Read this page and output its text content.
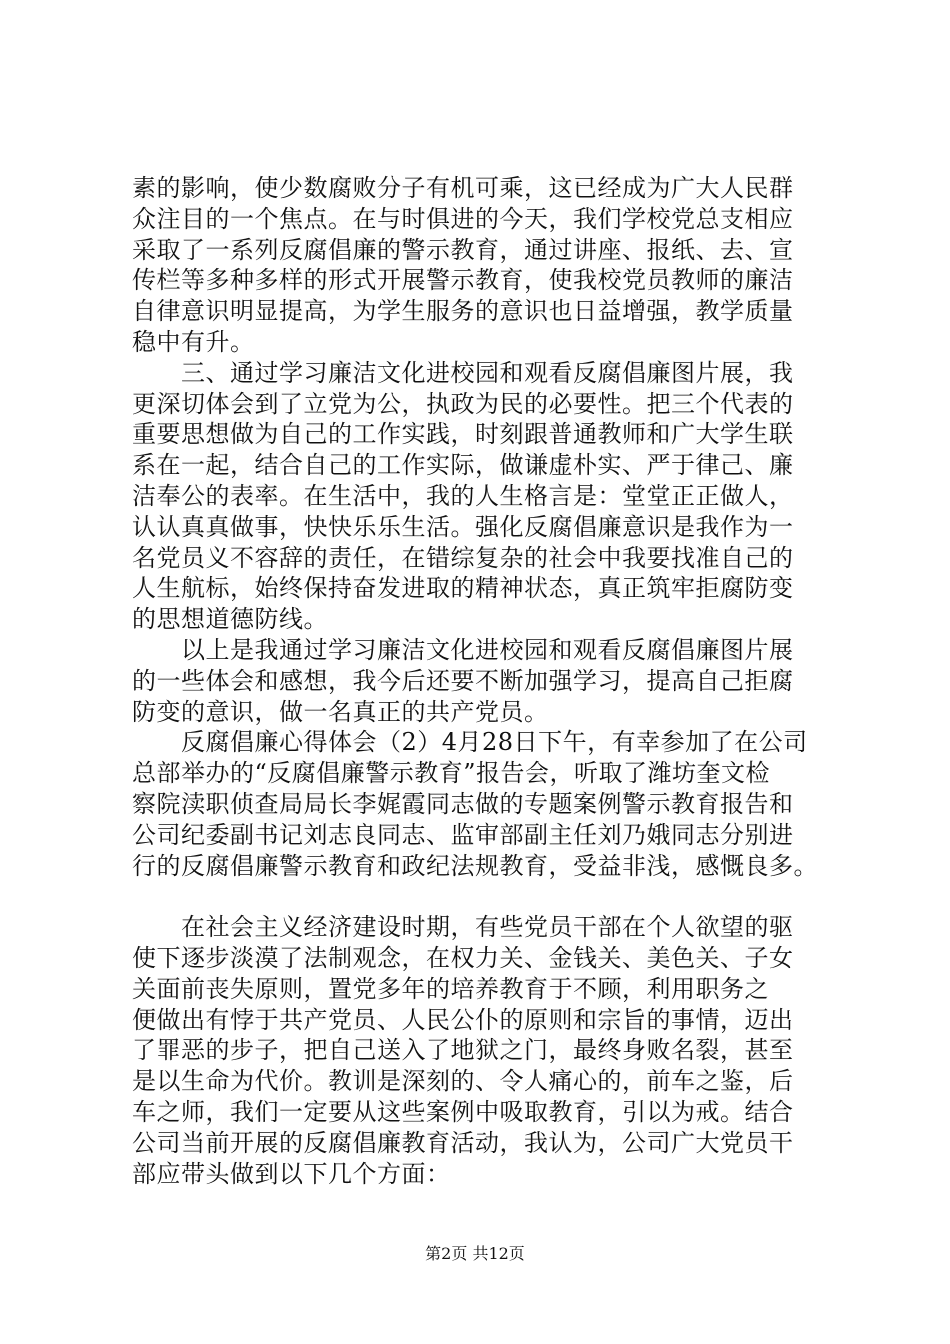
素的影响，使少数腐败分子有机可乘，这已经成为广大人民群
众注目的一个焦点。在与时俱进的今天，我们学校党总支相应
采取了一系列反腐倡廉的警示教育，通过讲座、报纸、去、宣
传栏等多种多样的形式开展警示教育，使我校党员教师的廉洁
自律意识明显提高，为学生服务的意识也日益增强，教学质量
稳中有升。
　　三、通过学习廉洁文化进校园和观看反腐倡廉图片展，我
更深切体会到了立党为公，执政为民的必要性。把三个代表的
重要思想做为自己的工作实践，时刻跟普通教师和广大学生联
系在一起，结合自己的工作实际，做谦虚朴实、严于律己、廉
洁奉公的表率。在生活中，我的人生格言是：堂堂正正做人，
认认真真做事，快快乐乐生活。强化反腐倡廉意识是我作为一
名党员义不容辞的责任，在错综复杂的社会中我要找准自己的
人生航标，始终保持奋发进取的精神状态，真正筑牢拒腐防变
的思想道德防线。
　　以上是我通过学习廉洁文化进校园和观看反腐倡廉图片展
的一些体会和感想，我今后还要不断加强学习，提高自己拒腐
防变的意识，做一名真正的共产党员。
　　反腐倡廉心得体会（2）4月28日下午，有幸参加了在公司
总部举办的“反腐倡廉警示教育”报告会，听取了潍坊奎文检
察院渎职侦查局局长李娓霞同志做的专题案例警示教育报告和
公司纪委副书记刘志良同志、监审部副主任刘乃娥同志分别进
行的反腐倡廉警示教育和政纪法规教育，受益非浅，感慨良多。
　　在社会主义经济建设时期，有些党员干部在个人欲望的驱
使下逐步淡漠了法制观念，在权力关、金钱关、美色关、子女
关面前丧失原则，置党多年的培养教育于不顾，利用职务之
便做出有悖于共产党员、人民公仆的原则和宗旨的事情，迈出
了罪恶的步子，把自己送入了地狱之门，最终身败名裂，甚至
是以生命为代价。教训是深刻的、令人痛心的，前车之鉴，后
车之师，我们一定要从这些案例中吸取教育，引以为戒。结合
公司当前开展的反腐倡廉教育活动，我认为，公司广大党员干
部应带头做到以下几个方面：
第2页 共12页
